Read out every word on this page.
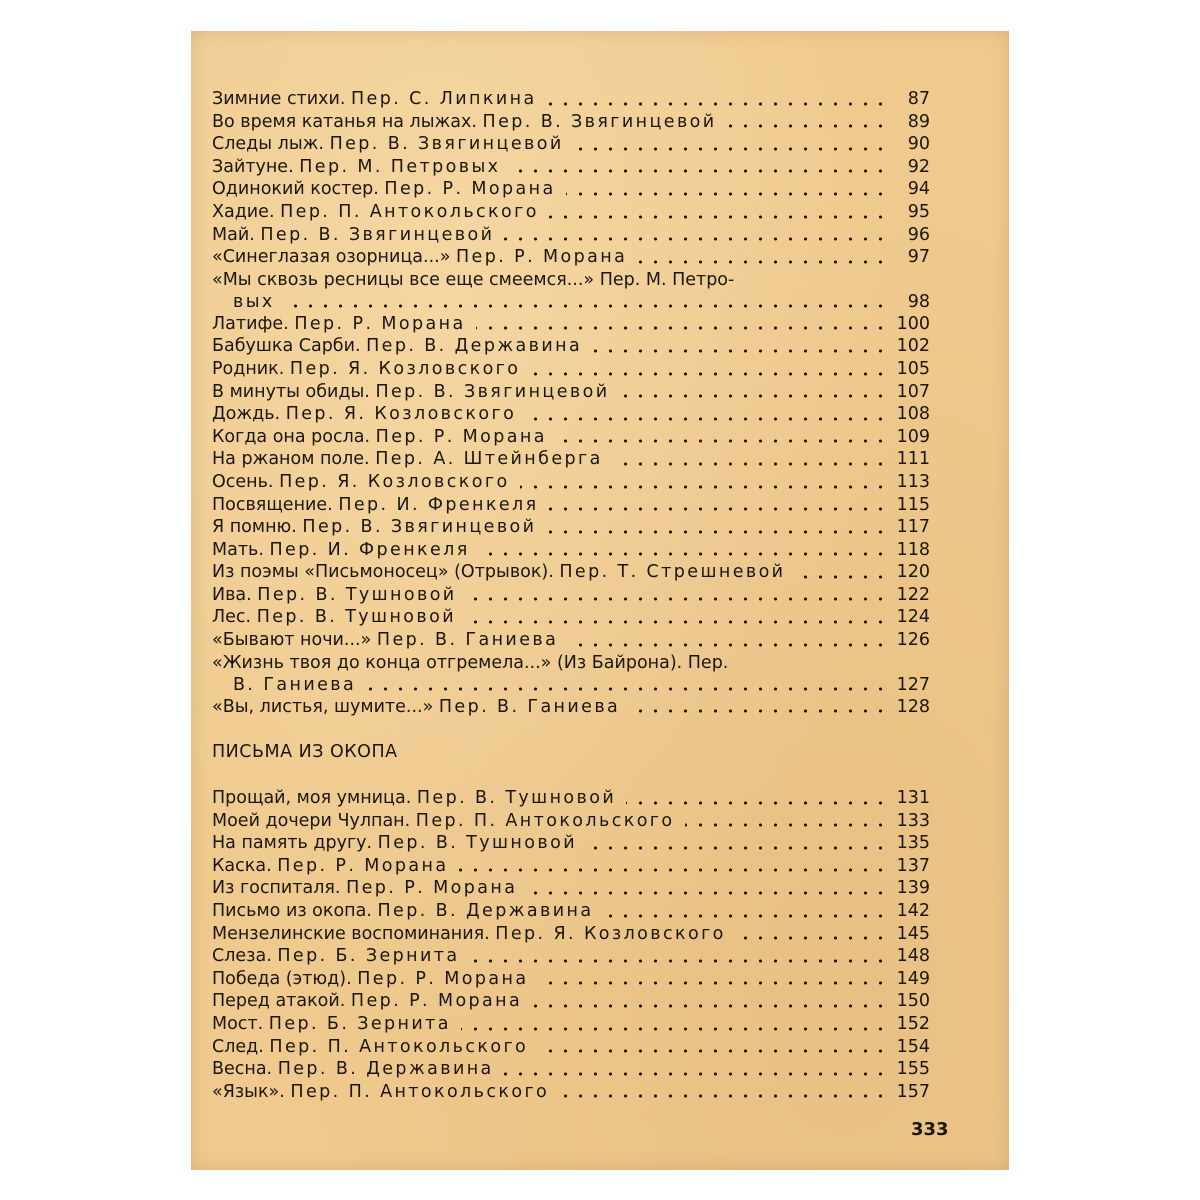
Зимние стихи. Пер. С. Липкина	87
Во время катанья на лыжах. Пер. В. Звягинцевой	89
Следы лыж. Пер. В. Звягинцевой	90
Зайтуне. Пер. М. Петровых	92
Одинокий костер. Пер. Р. Морана	94
Хадие. Пер. П. Антокольского	95
Май. Пер. В. Звягинцевой	96
«Синеглазая озорница...» Пер. Р. Морана	97
«Мы сквозь ресницы все еще смеемся...» Пер. М. Петро-
вых	98
Латифе. Пер. Р. Морана	100
Бабушка Сарби. Пер. В. Державина	102
Родник. Пер. Я. Козловского	105
В минуты обиды. Пер. В. Звягинцевой	107
Дождь. Пер. Я. Козловского	108
Когда она росла. Пер. Р. Морана	109
На ржаном поле. Пер. А. Штейнберга	111
Осень. Пер. Я. Козловского	113
Посвящение. Пер. И. Френкеля	115
Я помню. Пер. В. Звягинцевой	117
Мать. Пер. И. Френкеля	118
Из поэмы «Письмоносец» (Отрывок). Пер. Т. Стрешневой	120
Ива. Пер. В. Тушновой	122
Лес. Пер. В. Тушновой	124
«Бывают ночи...» Пер. В. Ганиева	126
«Жизнь твоя до конца отгремела...» (Из Байрона). Пер.
В. Ганиева	127
«Вы, листья, шумите...» Пер. В. Ганиева	128
ПИСЬМА ИЗ ОКОПА
Прощай, моя умница. Пер. В. Тушновой	131
Моей дочери Чулпан. Пер. П. Антокольского	133
На память другу. Пер. В. Тушновой	135
Каска. Пер. Р. Морана	137
Из госпиталя. Пер. Р. Морана	139
Письмо из окопа. Пер. В. Державина	142
Мензелинские воспоминания. Пер. Я. Козловского	145
Слеза. Пер. Б. Зернита	148
Победа (этюд). Пер. Р. Морана	149
Перед атакой. Пер. Р. Морана	150
Мост. Пер. Б. Зернита	152
След. Пер. П. Антокольского	154
Весна. Пер. В. Державина	155
«Язык». Пер. П. Антокольского	157
333
